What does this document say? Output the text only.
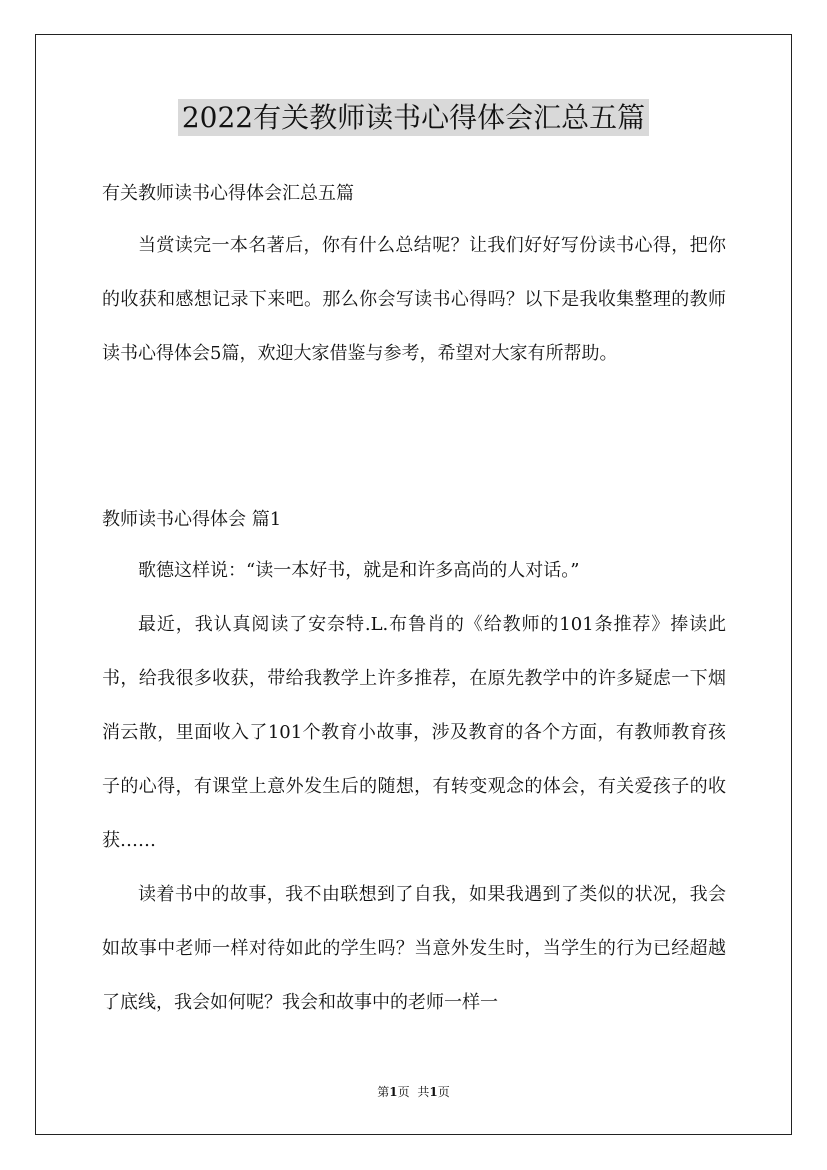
2022有关教师读书心得体会汇总五篇
有关教师读书心得体会汇总五篇

当赏读完一本名著后，你有什么总结呢？让我们好好写份读书心得，把你的收获和感想记录下来吧。那么你会写读书心得吗？以下是我收集整理的教师读书心得体会5篇，欢迎大家借鉴与参考，希望对大家有所帮助。

教师读书心得体会 篇1

歌德这样说：“读一本好书，就是和许多高尚的人对话。”

最近，我认真阅读了安奈特.L.布鲁肖的《给教师的101条推荐》捧读此书，给我很多收获，带给我教学上许多推荐，在原先教学中的许多疑虑一下烟消云散，里面收入了101个教育小故事，涉及教育的各个方面，有教师教育孩子的心得，有课堂上意外发生后的随想，有转变观念的体会，有关爱孩子的收获……

读着书中的故事，我不由联想到了自我，如果我遇到了类似的状况，我会如故事中老师一样对待如此的学生吗？当意外发生时，当学生的行为已经超越了底线，我会如何呢？我会和故事中的老师一样一

第1页 共1页
